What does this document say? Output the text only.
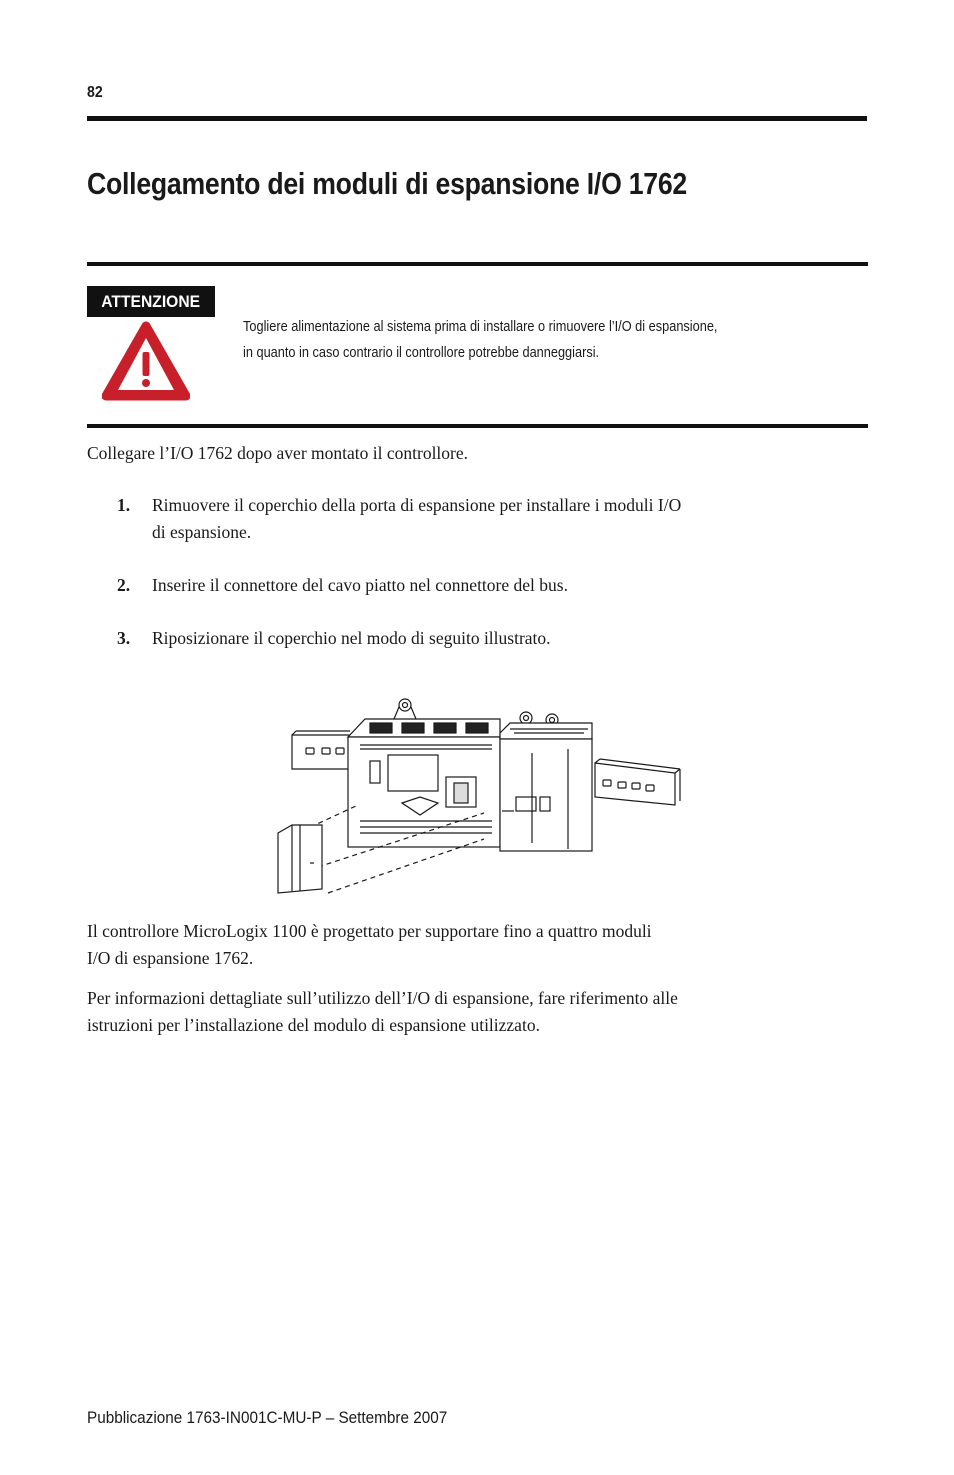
82
Collegamento dei moduli di espansione I/O 1762
ATTENZIONE
Togliere alimentazione al sistema prima di installare o rimuovere l’I/O di espansione,
in quanto in caso contrario il controllore potrebbe danneggiarsi.
Collegare l’I/O 1762 dopo aver montato il controllore.
1. Rimuovere il coperchio della porta di espansione per installare i moduli I/O
di espansione.
2. Inserire il connettore del cavo piatto nel connettore del bus.
3. Riposizionare il coperchio nel modo di seguito illustrato.
Il controllore MicroLogix 1100 è progettato per supportare fino a quattro moduli
I/O di espansione 1762.
Per informazioni dettagliate sull’utilizzo dell’I/O di espansione, fare riferimento alle
istruzioni per l’installazione del modulo di espansione utilizzato.
Pubblicazione 1763-IN001C-MU-P – Settembre 2007
